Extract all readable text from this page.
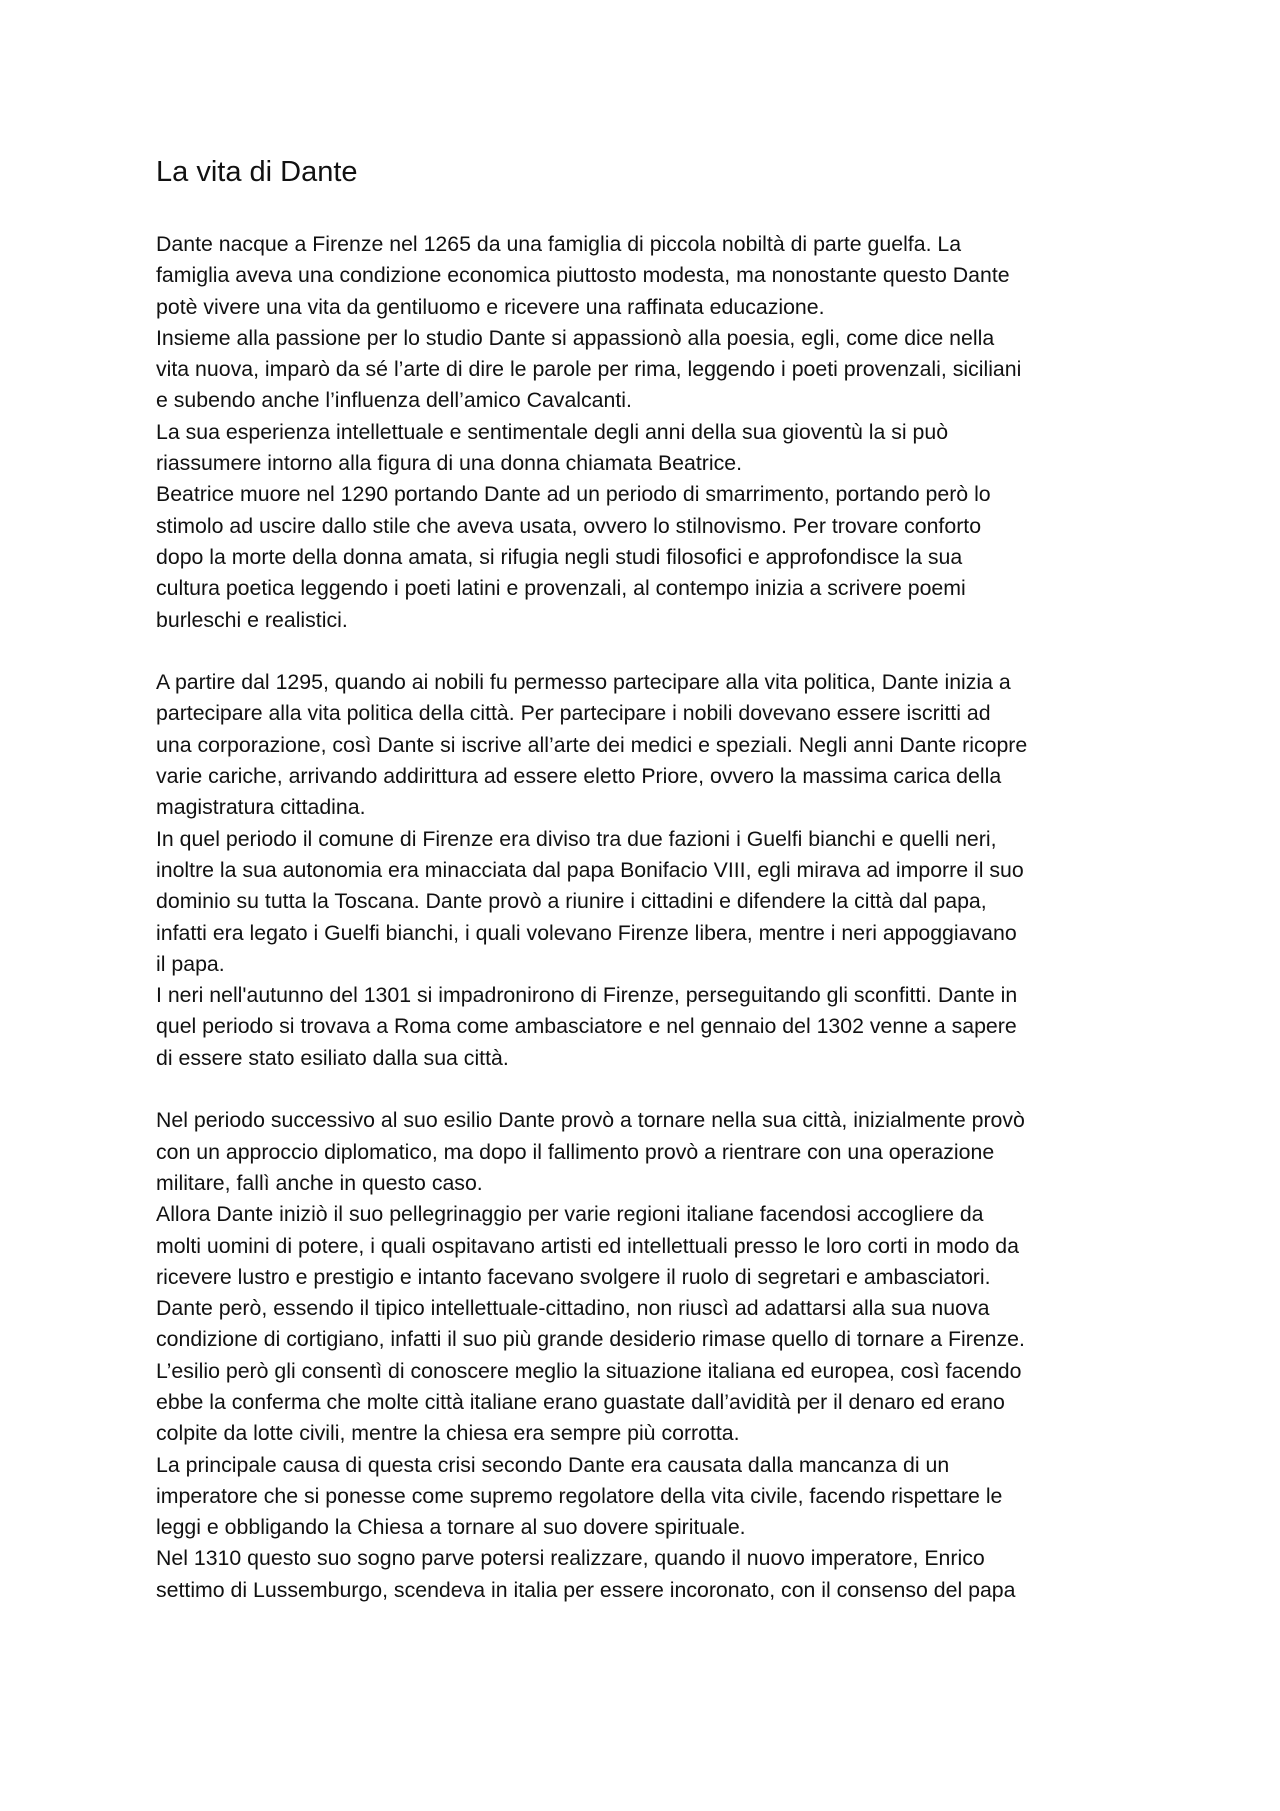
La vita di Dante
Dante nacque a Firenze nel 1265 da una famiglia di piccola nobiltà di parte guelfa. La
famiglia aveva una condizione economica piuttosto modesta, ma nonostante questo Dante
potè vivere una vita da gentiluomo e ricevere una raffinata educazione.
Insieme alla passione per lo studio Dante si appassionò alla poesia, egli, come dice nella
vita nuova, imparò da sé l’arte di dire le parole per rima, leggendo i poeti provenzali, siciliani
e subendo anche l’influenza dell’amico Cavalcanti.
La sua esperienza intellettuale e sentimentale degli anni della sua gioventù la si può
riassumere intorno alla figura di una donna chiamata Beatrice.
Beatrice muore nel 1290 portando Dante ad un periodo di smarrimento, portando però lo
stimolo ad uscire dallo stile che aveva usata, ovvero lo stilnovismo. Per trovare conforto
dopo la morte della donna amata, si rifugia negli studi filosofici e approfondisce la sua
cultura poetica leggendo i poeti latini e provenzali, al contempo inizia a scrivere poemi
burleschi e realistici.
A partire dal 1295, quando ai nobili fu permesso partecipare alla vita politica, Dante inizia a
partecipare alla vita politica della città. Per partecipare i nobili dovevano essere iscritti ad
una corporazione, così Dante si iscrive all’arte dei medici e speziali. Negli anni Dante ricopre
varie cariche, arrivando addirittura ad essere eletto Priore, ovvero la massima carica della
magistratura cittadina.
In quel periodo il comune di Firenze era diviso tra due fazioni i Guelfi bianchi e quelli neri,
inoltre la sua autonomia era minacciata dal papa Bonifacio VIII, egli mirava ad imporre il suo
dominio su tutta la Toscana. Dante provò a riunire i cittadini e difendere la città dal papa,
infatti era legato i Guelfi bianchi, i quali volevano Firenze libera, mentre i neri appoggiavano
il papa.
I neri nell'autunno del 1301 si impadronirono di Firenze, perseguitando gli sconfitti. Dante in
quel periodo si trovava a Roma come ambasciatore e nel gennaio del 1302 venne a sapere
di essere stato esiliato dalla sua città.
Nel periodo successivo al suo esilio Dante provò a tornare nella sua città, inizialmente provò
con un approccio diplomatico, ma dopo il fallimento provò a rientrare con una operazione
militare, fallì anche in questo caso.
Allora Dante iniziò il suo pellegrinaggio per varie regioni italiane facendosi accogliere da
molti uomini di potere, i quali ospitavano artisti ed intellettuali presso le loro corti in modo da
ricevere lustro e prestigio e intanto facevano svolgere il ruolo di segretari e ambasciatori.
Dante però, essendo il tipico intellettuale-cittadino, non riuscì ad adattarsi alla sua nuova
condizione di cortigiano, infatti il suo più grande desiderio rimase quello di tornare a Firenze.
L’esilio però gli consentì di conoscere meglio la situazione italiana ed europea, così facendo
ebbe la conferma che molte città italiane erano guastate dall’avidità per il denaro ed erano
colpite da lotte civili, mentre la chiesa era sempre più corrotta.
La principale causa di questa crisi secondo Dante era causata dalla mancanza di un
imperatore che si ponesse come supremo regolatore della vita civile, facendo rispettare le
leggi e obbligando la Chiesa a tornare al suo dovere spirituale.
Nel 1310 questo suo sogno parve potersi realizzare, quando il nuovo imperatore, Enrico
settimo di Lussemburgo, scendeva in italia per essere incoronato, con il consenso del papa
